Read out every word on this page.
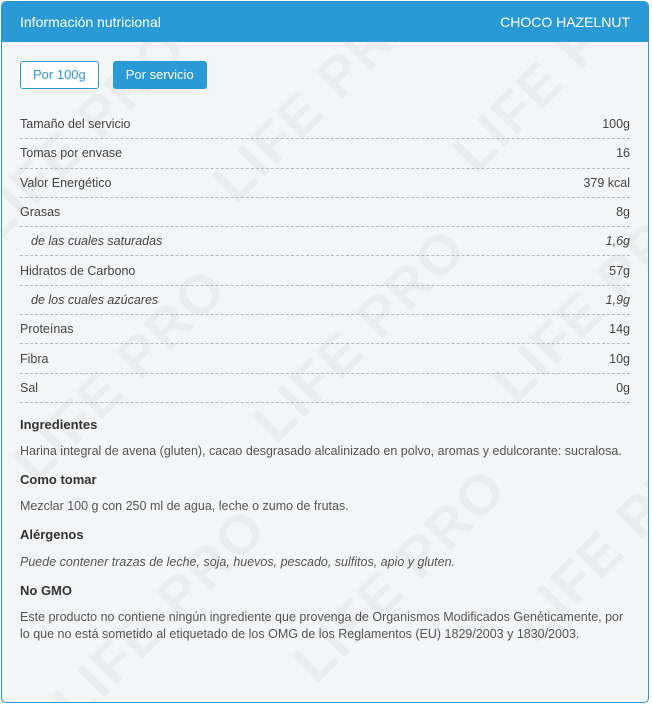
Información nutricional	CHOCO HAZELNUT
Por 100g	Por servicio
Tamaño del servicio	100g
Tomas por envase	16
Valor Energético	379 kcal
Grasas	8g
de las cuales saturadas	1,6g
Hidratos de Carbono	57g
de los cuales azúcares	1,9g
Proteínas	14g
Fibra	10g
Sal	0g

Ingredientes

Harina integral de avena (gluten), cacao desgrasado alcalinizado en polvo, aromas y edulcorante: sucralosa.

Como tomar

Mezclar 100 g con 250 ml de agua, leche o zumo de frutas.

Alérgenos

Puede contener trazas de leche, soja, huevos, pescado, sulfitos, apio y gluten.

No GMO

Este producto no contiene ningún ingrediente que provenga de Organismos Modificados Genéticamente, por lo que no está sometido al etiquetado de los OMG de los Reglamentos (EU) 1829/2003 y 1830/2003.
